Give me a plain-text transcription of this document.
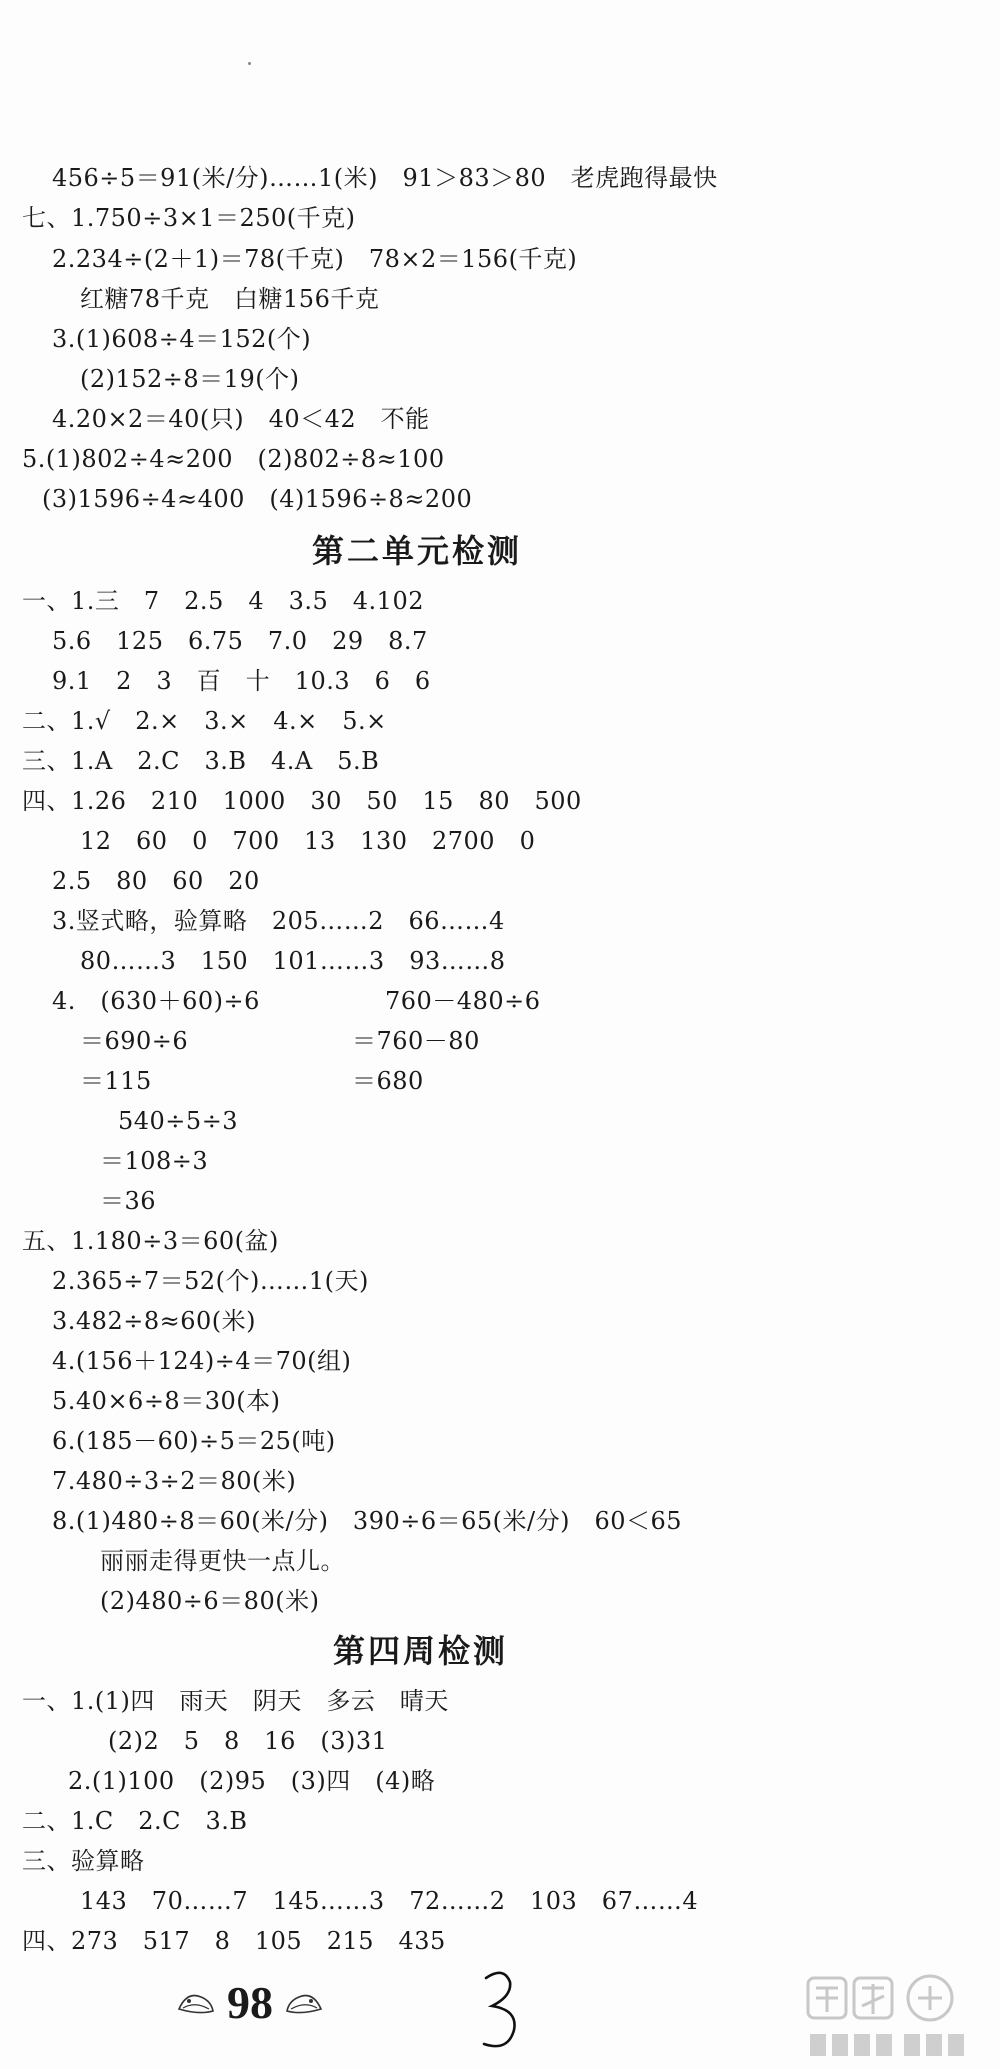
456÷5＝91(米/分)……1(米)　91＞83＞80　老虎跑得最快
七、1.750÷3×1＝250(千克)
2.234÷(2＋1)＝78(千克)　78×2＝156(千克)
红糖78千克　白糖156千克
3.(1)608÷4＝152(个)
(2)152÷8＝19(个)
4.20×2＝40(只)　40＜42　不能
5.(1)802÷4≈200　(2)802÷8≈100
(3)1596÷4≈400　(4)1596÷8≈200
第二单元检测
一、1.三　7　2.5　4　3.5　4.102
5.6　125　6.75　7.0　29　8.7
9.1　2　3　百　十　10.3　6　6
二、1.√　2.×　3.×　4.×　5.×
三、1.A　2.C　3.B　4.A　5.B
四、1.26　210　1000　30　50　15　80　500
12　60　0　700　13　130　2700　0
2.5　80　60　20
3.竖式略，验算略　205……2　66……4
80……3　150　101……3　93……8
4.　(630＋60)÷6	760－480÷6
＝690÷6	＝760－80
＝115	＝680
540÷5÷3
＝108÷3
＝36
五、1.180÷3＝60(盆)
2.365÷7＝52(个)……1(天)
3.482÷8≈60(米)
4.(156＋124)÷4＝70(组)
5.40×6÷8＝30(本)
6.(185－60)÷5＝25(吨)
7.480÷3÷2＝80(米)
8.(1)480÷8＝60(米/分)　390÷6＝65(米/分)　60＜65
丽丽走得更快一点儿。
(2)480÷6＝80(米)
第四周检测
一、1.(1)四　雨天　阴天　多云　晴天
(2)2　5　8　16　(3)31
2.(1)100　(2)95　(3)四　(4)略
二、1.C　2.C　3.B
三、验算略
143　70……7　145……3　72……2　103　67……4
四、273　517　8　105　215　435
98
